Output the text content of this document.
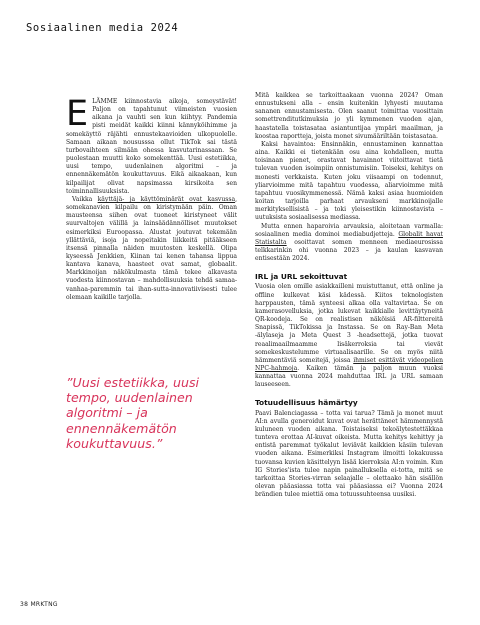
Sosiaalinen media 2024

ELÄMME kiinnostavia aikoja, someystävät! Paljon on tapahtunut viimeisten vuosien aikana ja vauhti sen kun kiihtyy. Pandemia pisti meidät kaikki kiinni kännyköihimme ja somekäyttö räjähti ennustekaavioiden ulkopuolelle. Samaan aikaan noususssa ollut TikTok sai tästä turbovaihteen silmään ohessa kasvutarinassaan. Se puolestaan muutti koko somekenttää. Uusi estetiikka, uusi tempo, uudenlainen algoritmi – ja ennennäkemätön koukuttavuus. Eikä aikaakaan, kun kilpailijat olivat napsimassa kirsikoita sen toiminnallisuuksista.

Vaikka käyttäjä- ja käyttöminärät ovat kasvussa, somekanavien kilpailu on kiristymään päin. Oman mausteensa siihen ovat tuoneet kiristyneet välit suurvaltojen välillä ja lainsäädännölliset muutokset esimerkiksi Euroopassa. Alustat joutuvat tekemään yllättäviä, isoja ja nopeitakin liikkeitä pitääkseen itsensä pinnalla näiden muutosten keskellä. Olipa kyseessä Jenkkien, Kiinan tai kenen tahansa lippua kantava kanava, haasteet ovat samat, globaalit. Markkinoijan näkökulmasta tämä tekee alkavasta vuodesta kiinnostavan – mahdollisuuksia tehdä samaa-vanhaa-paremmin tai ihan-sutta-innovatiivisesti tulee olemaan kaikille tarjolla.

”Uusi estetiikka, uusi tempo, uudenlainen algoritmi – ja ennennäkemätön koukuttavuus.”

Mitä kaikkea se tarkoittaakaan vuonna 2024? Oman ennustukseni alla – ensin kuitenkin lyhyesti muutama sananen ennustamisesta. Olen saanut toimittaa vuosittain somettrenditutkimuksia jo yli kymmenen vuoden ajan, haastatella toistasataa asiantuntijaa ympäri maailman, ja koostaa raportteja, joista monet sivumääriltään toistasataa.

Kaksi havaintoa: Ensinnäkin, ennustaminen kannattaa aina. Kaikki ei tietenkään osu aina kohdalleen, mutta toisinaan pienet, orastavat havainnot viitoittavat tietä tulevan vuoden isoimpiin onnistumisiin. Toiseksi, kehitys on monesti verkkaista. Kuten joku viisaampi on todennut, yliarvioimme mitä tapahtuu vuodessa, aliarvioimme mitä tapahtuu vuosikymmenessä. Nämä kaksi asiaa huomioiden koitan tarjoilla parhaat arvaukseni markkinoijalle merkityksellisistä – ja toki yleisestikin kiinnostavista – uutuksista sosiaalisessa mediassa.

Mutta ennen haparoivia arvauksia, aloitetaan varmalla: sosiaalinen media dominoi mediabudjetteja. Globalit havat Statistalta osoittavat somen menneen mediaeurosissa telkkarinkin ohi vuonna 2023 – ja kaulan kasvavan entisestään 2024.

IRL ja URL sekoittuvat

Vuosia olen omille asiakkailleni muistuttanut, että online ja offline kulkevat käsi kädessä. Kiitos teknologisten harppausten, tämä synteesi alkaa olla valtavirtaa. Se on kamerasovelluksia, jotka lukevat kaikkialle levittäytyneitä QR-koodeja. Se on realistisen näköisiä AR-filttereitä Snapissä, TikTokissa ja Instassa. Se on Ray-Ban Meta -älylaseja ja Meta Quest 3 -headsettejä, jotka tuovat reaalimaailmaamme lisäkerroksia tai vievät somekeskustelumme virtuaalisaarille. Se on myös niitä hämmentäviä someitejä, joissa ihmiset esittävät videopelien NPC-hahmoja. Kaiken tämän ja paljon muun vuoksi kannattaa vuonna 2024 mahduttaa IRL ja URL samaan lauseeseen.

Totuudellisuus hämärtyy

Paavi Balenciagassa – totta vai tarua? Tämä ja monet muut AI:n avulla generoidut kuvat ovat herättäneet hämmennystä kuluneen vuoden aikana. Toistaiseksi tekoälytestettäkkaa tunteva erottaa AI-kuvat oikeista. Mutta kehitys kehittyy ja entistä paremmat työkalut leviävät kaikkien käsiin tulevan vuoden aikana. Esimerkiksi Instagram ilmoitti lokakuussa tuovansa kuvien käsittelyyn lisää kierroksia AI:n voimin. Kun IG Stories'ista tulee napin painalluksella ei-totta, mitä se tarkoittaa Stories-virran selaajalle – olettaako hän sisällön olevan pääasiassa totta vai pääasiassa ei? Vuonna 2024 brändien tulee miettiä oma totuussuhteensa uusiksi.

38 MRKTNG
